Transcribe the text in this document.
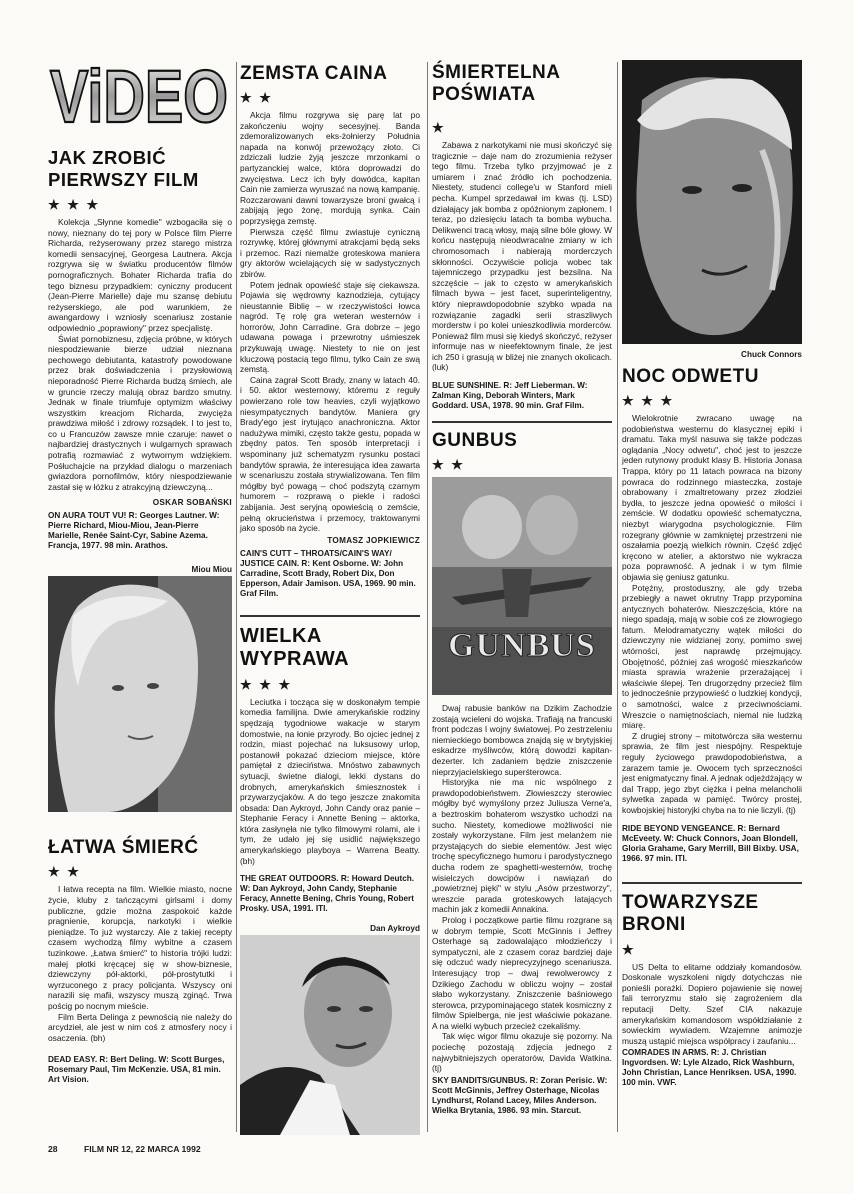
ViDEO
JAK ZROBIĆ PIERWSZY FILM
★ ★ ★

Kolekcja „Słynne komedie" wzbogaciła się o nowy, nieznany do tej pory w Polsce film Pierre Richarda, reżyserowany przez starego mistrza komedii sensacyjnej, Georgesa Lautnera. Akcja rozgrywa się w światku producentów filmów pornograficznych. Bohater Richarda trafia do tego biznesu przypadkiem: cyniczny producent (Jean-Pierre Marielle) daje mu szansę debiutu reżyserskiego, ale pod warunkiem, że awangardowy i wzniosły scenariusz zostanie odpowiednio „poprawiony" przez specjalistę.

Świat pornobiznesu, zdjęcia próbne, w których niespodziewanie bierze udział nieznana pechowego debiutanta, katastrofy powodowane przez brak doświadczenia i przysłowiową nieporadność Pierre Richarda budzą śmiech, ale w gruncie rzeczy malują obraz bardzo smutny. Jednak w finale triumfuje optymizm właściwy wszystkim kreacjom Richarda, zwycięża prawdziwa miłość i zdrowy rozsądek. I to jest to, co u Francuzów zawsze mnie czaruje: nawet o najbardziej drastycznych i wulgarnych sprawach potrafią rozmawiać z wytwornym wdziękiem. Pośłuchajcie na przykład dialogu o marzeniach gwiazdora pornofilmów, który niespodziewanie zastał się w łóżku z atrakcyjną dziewczyną...

OSKAR SOBAŃSKI
ON AURA TOUT VU! R: Georges Lautner. W: Pierre Richard, Miou-Miou, Jean-Pierre Marielle, Renée Saint-Cyr, Sabine Azema. Francja, 1977. 98 min. Arathos.
Miou Miou
ŁATWA ŚMIERĆ
★ ★

I łatwa recepta na film. Wielkie miasto, nocne życie, kluby z tańczącymi girlsami i domy publiczne, gdzie można zaspokoić każde pragnienie, korupcja, narkotyki i wielkie pieniądze. To już wystarczy. Ale z takiej recepty czasem wychodzą filmy wybitne a czasem tuzinkowe. „Łatwa śmierć" to historia trójki ludzi: małej płotki kręcącej się w show-biznesie, dziewczyny pół-aktorki, pół-prostytutki i wyrzuconego z pracy policjanta. Wszyscy oni narazili się mafii, wszyscy muszą zginąć. Trwa pościg po nocnym mieście.

Film Berta Delinga z pewnością nie należy do arcydzieł, ale jest w nim coś z atmosfery nocy i osaczenia. (bh)

DEAD EASY. R: Bert Deling. W: Scott Burges, Rosemary Paul, Tim McKenzie. USA, 81 min. Art Vision.
ZEMSTA CAINA
★ ★

Akcja filmu rozgrywa się parę lat po zakończeniu wojny secesyjnej. Banda zdemoralizowanych eks-żołnierzy Południa napada na konwój przewożący złoto. Ci zdziczali ludzie żyją jeszcze mrzonkami o partyzanckiej walce, która doprowadzi do zwycięstwa. Lecz ich były dowódca, kapitan Cain nie zamierza wyruszać na nową kampanię. Rozczarowani dawni towarzysze broni gwałcą i zabijają jego żonę, mordują synka. Cain poprzysięga zemstę.

Pierwsza część filmu zwiastuje cyniczną rozrywkę, której głównymi atrakcjami będą seks i przemoc. Razi niemalże groteskowa maniera gry aktorów wcielających się w sadystycznych zbirów.

Potem jednak opowieść staje się ciekawsza. Pojawia się wędrowny kaznodzieja, cytujący nieustannie Biblię – w rzeczywistości łowca nagród. Tę rolę gra weteran westernów i horrorów, John Carradine. Gra dobrze – jego udawana powaga i przewrotny uśmieszek przykuwają uwagę. Niestety to nie on jest kluczową postacią tego filmu, tylko Cain ze swą zemstą.

Caina zagrał Scott Brady, znany w latach 40. i 50. aktor westernowy, któremu z reguły powierzano role tow heavies, czyli wyjątkowo niesympatycznych bandytów. Maniera gry Brady'ego jest irytująco anachroniczna. Aktor nadużywa mimiki, często także gestu, popada w zbędny patos. Ten sposób interpretacji i wspominany już schematyzm rysunku postaci bandytów sprawia, że interesująca idea zawarta w scenariuszu została strywializowana. Ten film mógłby być powagą – choć podszytą czarnym humorem – rozprawą o piekle i radości zabijania. Jest seryjną opowieścią o zemście, pełną okrucieństwa i przemocy, traktowanymi jako sposób na życie.

TOMASZ JOPKIEWICZ
CAIN'S CUTT – THROATS/CAIN'S WAY/ JUSTICE CAIN. R: Kent Osborne. W: John Carradine, Scott Brady, Robert Dix, Don Epperson, Adair Jamison. USA, 1969. 90 min. Graf Film.
WIELKA WYPRAWA
★ ★ ★

Leciutka i tocząca się w doskonałym tempie komedia familijna. Dwie amerykańskie rodziny spędzają tygodniowe wakacje w starym domostwie, na łonie przyrody. Bo ojciec jednej z rodzin, miast pojechać na luksusowy urlop, postanowił pokazać dzieciom miejsce, które pamiętał z dzieciństwa. Mnóstwo zabawnych sytuacji, świetne dialogi, lekki dystans do drobnych, amerykańskich śmiesznostek i przywarzycjaków. A do tego jeszcze znakomita obsada: Dan Aykroyd, John Candy oraz panie – Stephanie Feracy i Annette Bening – aktorka, która zasłynęła nie tylko filmowymi rolami, ale i tym, że udało jej się usidlić największego amerykańskiego playboya – Warrena Beatty. (bh)

THE GREAT OUTDOORS. R: Howard Deutch. W: Dan Aykroyd, John Candy, Stephanie Feracy, Annette Bening, Chris Young, Robert Prosky. USA, 1991. ITI.
Dan Aykroyd
ŚMIERTELNA POŚWIATA
★

Zabawa z narkotykami nie musi skończyć się tragicznie – daje nam do zrozumienia reżyser tego filmu. Trzeba tylko przyjmować je z umiarem i znać źródło ich pochodzenia. Niestety, studenci college'u w Stanford mieli pecha. Kumpel sprzedawał im kwas (tj. LSD) działający jak bomba z opóźnionym zapłonem. I teraz, po dziesięciu latach ta bomba wybucha. Delikwenci tracą włosy, mają silne bóle głowy. W końcu następują nieodwracalne zmiany w ich chromosomach i nabierają morderczych skłonności. Oczywiście policja wobec tak tajemniczego przypadku jest bezsilna. Na szczęście – jak to często w amerykańskich filmach bywa – jest facet, superinteligentny, który nieprawdopodobnie szybko wpada na rozwiązanie zagadki serii straszliwych morderstw i po kolei unieszkodliwia morderców. Ponieważ film musi się kiedyś skończyć, reżyser informuje nas w nieefektownym finale, że jest ich 250 i grasują w bliżej nie znanych okolicach. (luk)

BLUE SUNSHINE. R: Jeff Lieberman. W: Zalman King, Deborah Winters, Mark Goddard. USA, 1978. 90 min. Graf Film.
GUNBUS
★ ★
GUNBUS

Dwaj rabusie banków na Dzikim Zachodzie zostają wcieleni do wojska. Trafiają na francuski front podczas I wojny światowej. Po zestrzeleniu niemieckiego bombowca znajdą się w brytyjskiej eskadrze myśliwców, którą dowodzi kapitan-dezerter. Ich zadaniem będzie zniszczenie nieprzyjacielskiego superśterowca.

Historyjka nie ma nic wspólnego z prawdopodobieństwem. Złowieszczy sterowiec mógłby być wymyślony przez Juliusza Verne'a, a beztroskim bohaterom wszystko uchodzi na sucho. Niestety, komediowe możliwości nie zostały wykorzystane. Film jest melanżem nie przystających do siebie elementów. Jest więc trochę specyficznego humoru i parodystycznego ducha rodem ze spaghetti-westernów, trochę wisielczych dowcipów i nawiązań do „powietrznej pięki" w stylu „Asów przestworzy", wreszcie parada groteskowych latających machin jak z komedii Annakina.

Prolog i początkowe partie filmu rozgrane są w dobrym tempie, Scott McGinnis i Jeffrey Osterhage są zadowalająco młodzieńczy i sympatyczni, ale z czasem coraz bardziej daje się odczuć wady nieprecyzyjnego scenariusza. Interesujący trop – dwaj rewolwerowcy z Dzikiego Zachodu w obliczu wojny – został słabo wykorzystany. Zniszczenie baśniowego sterowca, przypominającego statek kosmiczny z filmów Spielberga, nie jest właściwie pokazane. A na wielki wybuch przecież czekaliśmy.

Tak więc wigor filmu okazuje się pozorny. Na pociechę pozostają zdjęcia jednego z najwybitniejszych operatorów, Davida Watkina.(tj)

SKY BANDITS/GUNBUS. R: Zoran Perisic. W: Scott McGinnis, Jeffrey Osterhage, Nicolas Lyndhurst, Roland Lacey, Miles Anderson. Wielka Brytania, 1986. 93 min. Starcut.
Chuck Connors
NOC ODWETU
★ ★ ★

Wielokrotnie zwracano uwagę na podobieństwa westernu do klasycznej epiki i dramatu. Taka myśl nasuwa się także podczas oglądania „Nocy odwetu", choć jest to jeszcze jeden rutynowy produkt klasy B. Historia Jonasa Trappa, który po 11 latach powraca na bizony powraca do rodzinnego miasteczka, zostaje obrabowany i zmaltretowany przez złodziei bydła, to jeszcze jedna opowieść o miłości i zemście. W dodatku opowieść schematyczna, niezbyt wiarygodna psychologicznie. Film rozegrany głównie w zamkniętej przestrzeni nie oszałamia poezją wielkich równin. Część zdjęć kręcono w atelier, a aktorstwo nie wykracza poza poprawność. A jednak i w tym filmie objawia się geniusz gatunku.

Potężny, prostoduszny, ale gdy trzeba przebiegły a nawet okrutny Trapp przypomina antycznych bohaterów. Nieszczęścia, które na niego spadają, mają w sobie coś ze złowrogiego fatum. Melodramatyczny wątek miłości do dziewczyny nie widzianej zony, pomimo swej wtórności, jest naprawdę przejmujący. Obojętność, później zaś wrogość mieszkańców miasta sprawia wrażenie przerażającej i właściwie ślepej. Ten drugorzędny przecież film to jednocześnie przypowieść o ludzkiej kondycji, o samotności, walce z przeciwnościami. Wreszcie o namiętnościach, niemal nie ludzką miarę.

Z drugiej strony – mitotwórcza siła westernu sprawia, że film jest niespójny. Respektuje reguły życiowego prawdopodobieństwa, a zarazem tamie je. Owocem tych sprzeczności jest enigmatyczny finał. A jednak odjeżdżający w dal Trapp, jego zbyt ciężka i pełna melancholii sylwetka zapada w pamięć. Twórcy prostej, kowbojskiej historyjki chyba na to nie liczyli. (tj)

RIDE BEYOND VENGEANCE. R: Bernard McEveety. W: Chuck Connors, Joan Blondell, Gloria Grahame, Gary Merrill, Bill Bixby. USA, 1966. 97 min. ITI.
TOWARZYSZE BRONI
★

US Delta to elitarne oddziały komandosów. Doskonale wyszkoleni nigdy dotychczas nie ponieśli porażki. Dopiero pojawienie się nowej fali terroryzmu stało się zagrożeniem dla reputacji Delty. Szef CIA nakazuje amerykańskim komandosom współdziałanie z sowieckim wywiadem. Wzajemne animozje muszą ustąpić miejsca współpracy i zaufaniu...

COMRADES IN ARMS. R: J. Christian Ingvordsen. W: Lyle Alzado, Rick Washburn, John Christian, Lance Henriksen. USA, 1990. 100 min. VWF.
28	FILM NR 12, 22 MARCA 1992
